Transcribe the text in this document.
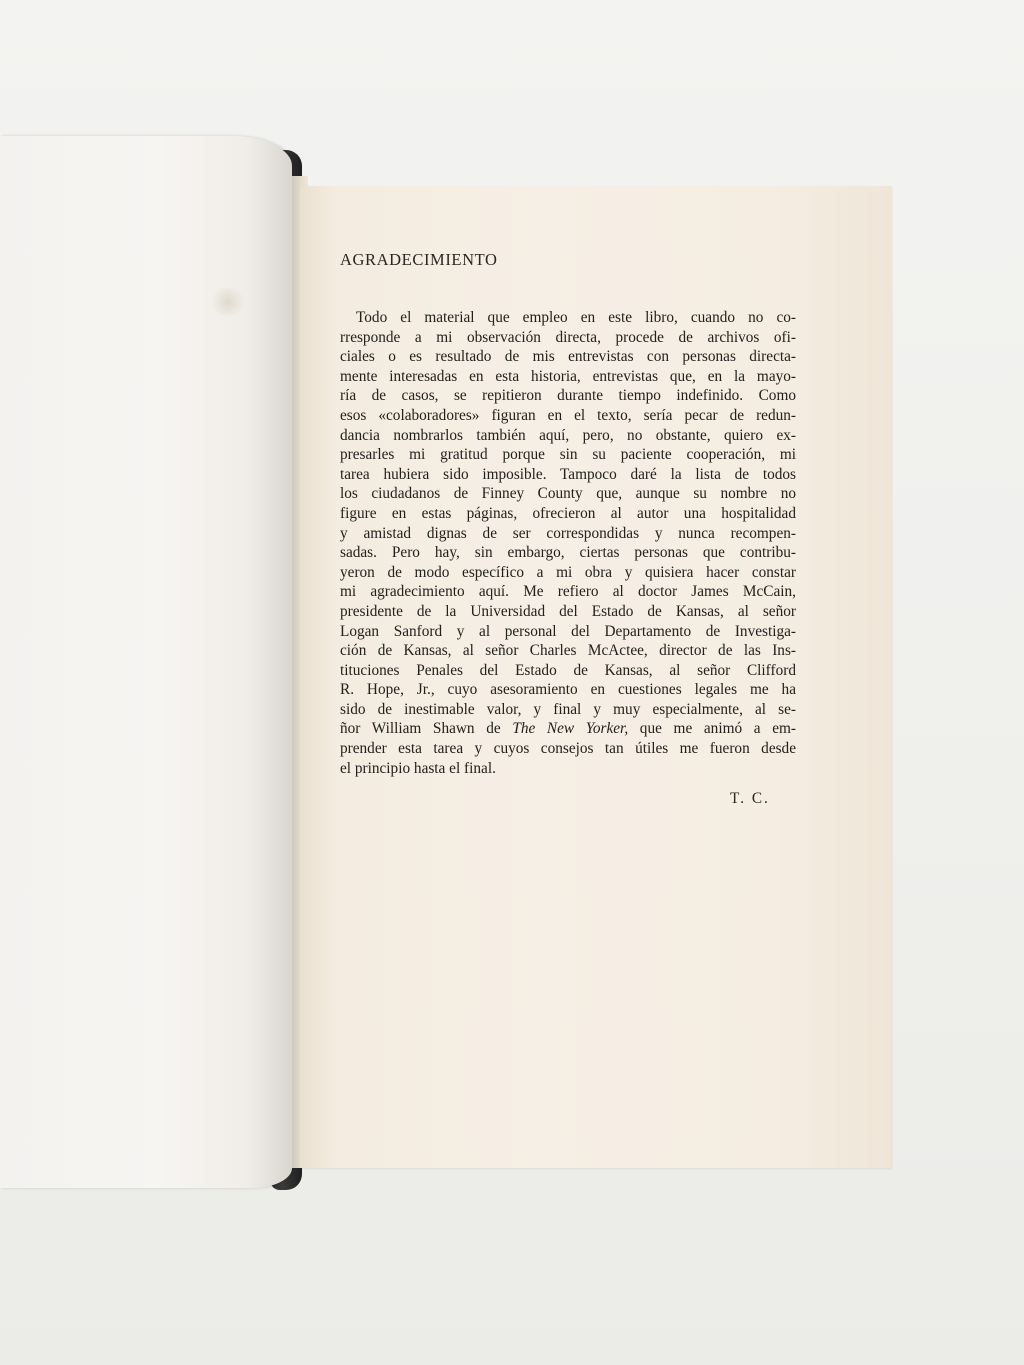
AGRADECIMIENTO

Todo el material que empleo en este libro, cuando no co-
rresponde a mi observación directa, procede de archivos ofi-
ciales o es resultado de mis entrevistas con personas directa-
mente interesadas en esta historia, entrevistas que, en la mayo-
ría de casos, se repitieron durante tiempo indefinido. Como
esos «colaboradores» figuran en el texto, sería pecar de redun-
dancia nombrarlos también aquí, pero, no obstante, quiero ex-
presarles mi gratitud porque sin su paciente cooperación, mi
tarea hubiera sido imposible. Tampoco daré la lista de todos
los ciudadanos de Finney County que, aunque su nombre no
figure en estas páginas, ofrecieron al autor una hospitalidad
y amistad dignas de ser correspondidas y nunca recompen-
sadas. Pero hay, sin embargo, ciertas personas que contribu-
yeron de modo específico a mi obra y quisiera hacer constar
mi agradecimiento aquí. Me refiero al doctor James McCain,
presidente de la Universidad del Estado de Kansas, al señor
Logan Sanford y al personal del Departamento de Investiga-
ción de Kansas, al señor Charles McActee, director de las Ins-
tituciones Penales del Estado de Kansas, al señor Clifford
R. Hope, Jr., cuyo asesoramiento en cuestiones legales me ha
sido de inestimable valor, y final y muy especialmente, al se-
ñor William Shawn de The New Yorker, que me animó a em-
prender esta tarea y cuyos consejos tan útiles me fueron desde
el principio hasta el final.

T. C.
